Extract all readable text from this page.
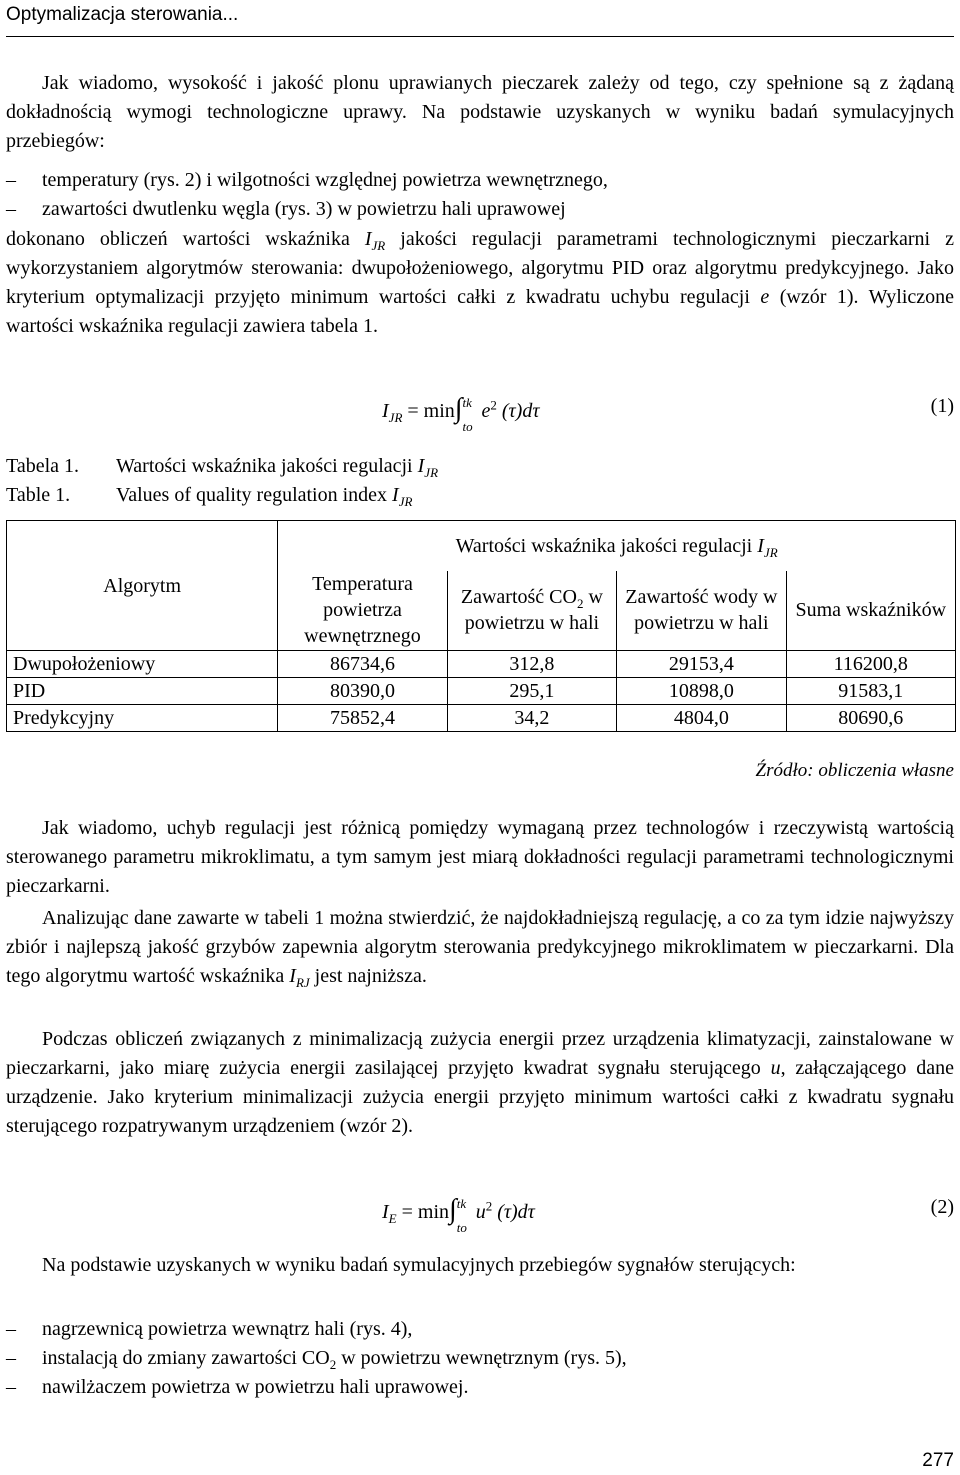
Optymalizacja sterowania...

Jak wiadomo, wysokość i jakość plonu uprawianych pieczarek zależy od tego, czy spełnione są z żądaną dokładnością wymogi technologiczne uprawy. Na podstawie uzyskanych w wyniku badań symulacyjnych przebiegów:

– temperatury (rys. 2) i wilgotności względnej powietrza wewnętrznego,

– zawartości dwutlenku węgla (rys. 3) w powietrzu hali uprawowej

dokonano obliczeń wartości wskaźnika $I_{JR}$ jakości regulacji parametrami technologicznymi pieczarkarni z wykorzystaniem algorytmów sterowania: dwupołożeniowego, algorytmu PID oraz algorytmu predykcyjnego. Jako kryterium optymalizacji przyjęto minimum wartości całki z kwadratu uchybu regulacji e (wzór 1). Wyliczone wartości wskaźnika regulacji zawiera tabela 1.

$I_{JR} = \min\int$ tk
to
$e^2$ (τ)dτ	(1)
Tabela 1. Wartości wskaźnika jakości regulacji $I_{JR}$
Table 1. Values of quality regulation index $I_{JR}$
Algorytm	Wartości wskaźnika jakości regulacji $I_{JR}$
	Temperatura powietrza wewnętrznego	Zawartość $CO_2$ w powietrzu w hali	Zawartość wody w powietrzu w hali	Suma wskaźników
Dwupołożeniowy	86734,6	312,8	29153,4	116200,8
PID	80390,0	295,1	10898,0	91583,1
Predykcyjny	75852,4	34,2	4804,0	80690,6
Źródło: obliczenia własne

Jak wiadomo, uchyb regulacji jest różnicą pomiędzy wymaganą przez technologów i rzeczywistą wartością sterowanego parametru mikroklimatu, a tym samym jest miarą dokładności regulacji parametrami technologicznymi pieczarkarni.

Analizując dane zawarte w tabeli 1 można stwierdzić, że najdokładniejszą regulację, a co za tym idzie najwyższy zbiór i najlepszą jakość grzybów zapewnia algorytm sterowania predykcyjnego mikroklimatem w pieczarkarni. Dla tego algorytmu wartość wskaźnika $I_{RJ}$ jest najniższa.

Podczas obliczeń związanych z minimalizacją zużycia energii przez urządzenia klimatyzacji, zainstalowane w pieczarkarni, jako miarę zużycia energii zasilającej przyjęto kwadrat sygnału sterującego u, załączającego dane urządzenie. Jako kryterium minimalizacji zużycia energii przyjęto minimum wartości całki z kwadratu sygnału sterującego rozpatrywanym urządzeniem (wzór 2).

$I_E = \min\int$ tk
to
$u^2$ (τ)dτ	(2)

Na podstawie uzyskanych w wyniku badań symulacyjnych przebiegów sygnałów sterujących:

– nagrzewnicą powietrza wewnątrz hali (rys. 4),

– instalacją do zmiany zawartości $CO_2$ w powietrzu wewnętrznym (rys. 5),

– nawilżaczem powietrza w powietrzu hali uprawowej.

277
